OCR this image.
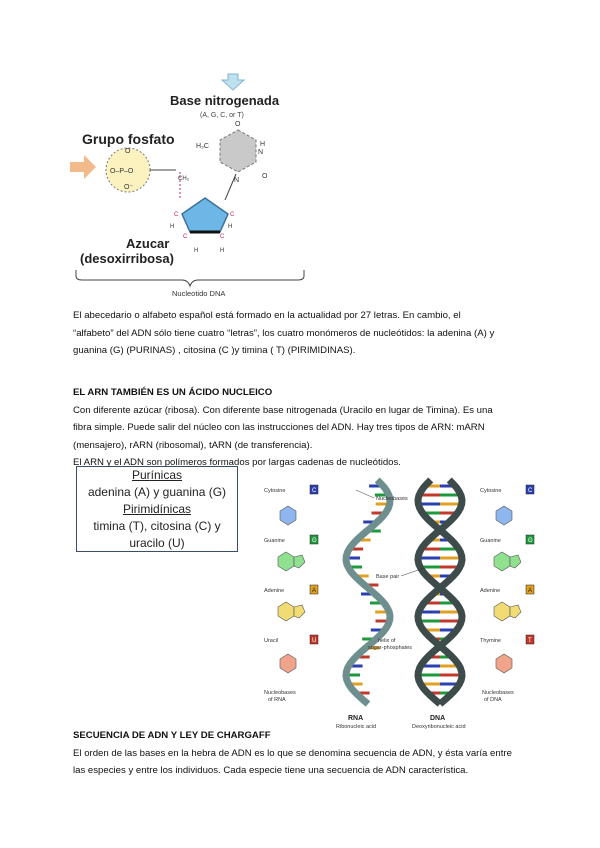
Base nitrogenada
(A, G, C, or T)
Grupo fosfato
O
O–P–O
O⁻
CH₂
H₃C
O
H
N
O
N
C	C
C	C
H	H
H	H
Azucar
(desoxirribosa)
Nucleotido DNA
El abecedario o alfabeto español está formado en la actualidad por 27 letras. En cambio, el
“alfabeto” del ADN sólo tiene cuatro “letras”, los cuatro monómeros de nucleótidos: la adenina (A) y
guanina (G) (PURINAS) , citosina (C )y timina ( T) (PIRIMIDINAS).
EL ARN TAMBIÉN ES UN ÁCIDO NUCLEICO
Con diferente azúcar (ribosa). Con diferente base nitrogenada (Uracilo en lugar de Timina). Es una
fibra simple. Puede salir del núcleo con las instrucciones del ADN. Hay tres tipos de ARN: mARN
(mensajero), rARN (ribosomal), tARN (de transferencia).
El ARN y el ADN son polímeros formados por largas cadenas de nucleótidos.
Purínicas
adenina (A) y guanina (G)
Pirimidínicas
timina (T), citosina (C) y
uracilo (U)
Cytosine	C
Guanine	G
Adenine	A
Uracil	U
Nucleobases
of RNA
Cytosine	C
Guanine	G
Adenine	A
Thymine	T
Nucleobases
of DNA
Nucleobases
Base pair
helix of
sugar-phosphates
RNA
Ribonucleic acid
DNA
Deoxyribonucleic acid
SECUENCIA DE ADN Y LEY DE CHARGAFF
El orden de las bases en la hebra de ADN es lo que se denomina secuencia de ADN, y ésta varía entre
las especies y entre los individuos. Cada especie tiene una secuencia de ADN característica.
